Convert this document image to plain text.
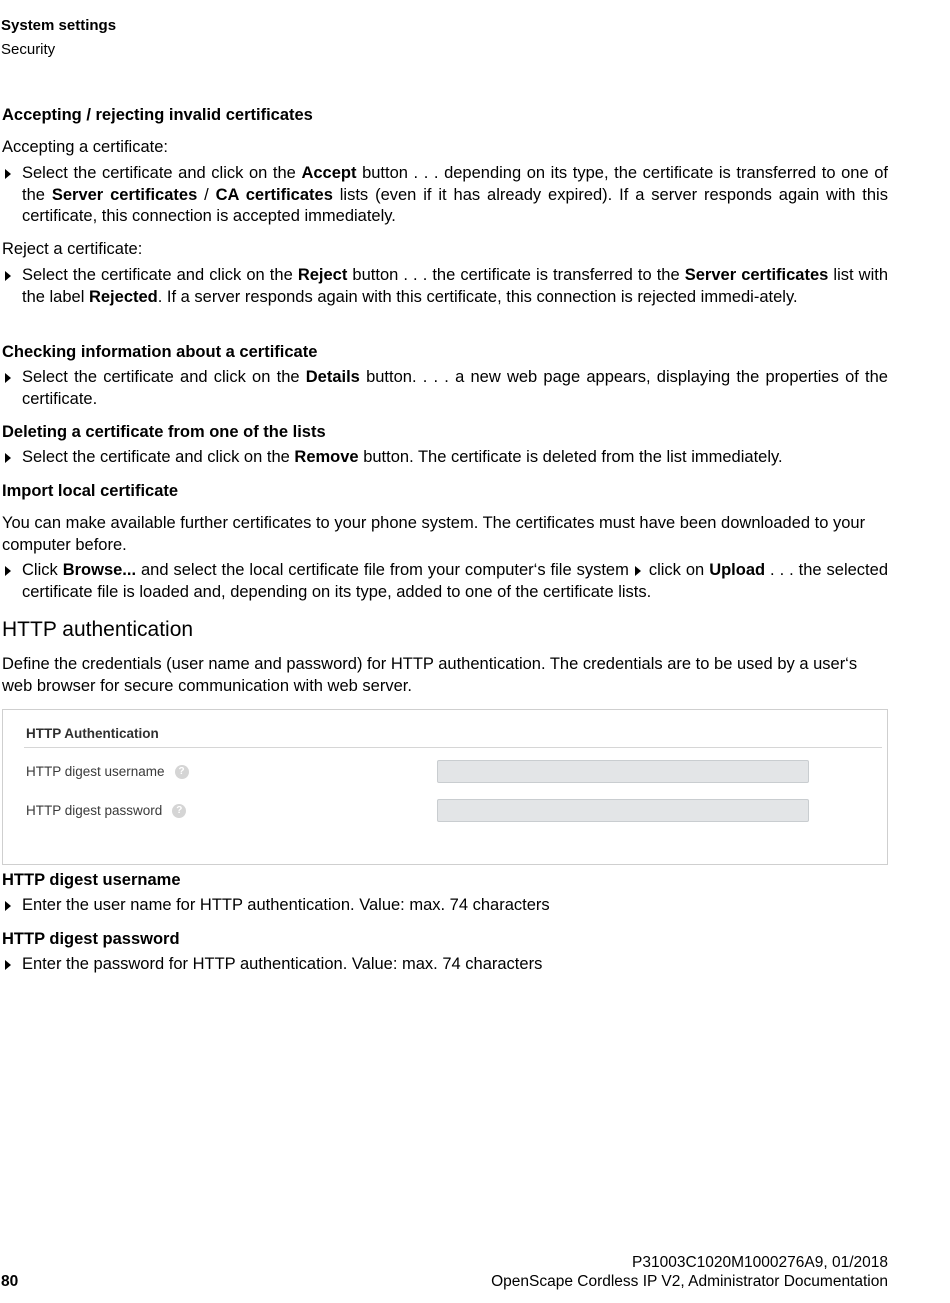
System settings
Security
Accepting / rejecting invalid certificates
Accepting a certificate:
Select the certificate and click on the Accept button . . . depending on its type, the certificate is transferred to one of the Server certificates / CA certificates lists (even if it has already expired). If a server responds again with this certificate, this connection is accepted immediately.
Reject a certificate:
Select the certificate and click on the Reject button . . . the certificate is transferred to the Server certificates list with the label Rejected. If a server responds again with this certificate, this connection is rejected immedi-ately.
Checking information about a certificate
Select the certificate and click on the Details button. . . . a new web page appears, displaying the properties of the certificate.
Deleting a certificate from one of the lists
Select the certificate and click on the Remove button. The certificate is deleted from the list immediately.
Import local certificate
You can make available further certificates to your phone system. The certificates must have been downloaded to your computer before.
Click Browse... and select the local certificate file from your computer‘s file system click on Upload . . . the selected certificate file is loaded and, depending on its type, added to one of the certificate lists.
HTTP authentication
Define the credentials (user name and password) for HTTP authentication. The credentials are to be used by a user‘s web browser for secure communication with web server.
HTTP Authentication
HTTP digest username ?
HTTP digest password ?
HTTP digest username
Enter the user name for HTTP authentication. Value: max. 74 characters
HTTP digest password
Enter the password for HTTP authentication. Value: max. 74 characters
P31003C1020M1000276A9, 01/2018
80	OpenScape Cordless IP V2, Administrator Documentation
